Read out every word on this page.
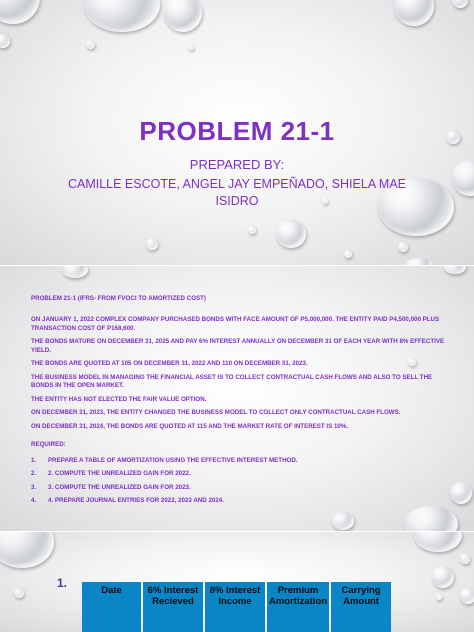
PROBLEM 21-1
PREPARED BY:
CAMILLE ESCOTE, ANGEL JAY EMPEÑADO, SHIELA MAE ISIDRO

PROBLEM 21-1 (IFRS- FROM FVOCI TO AMORTIZED COST)

ON JANUARY 1, 2022 COMPLEX COMPANY PURCHASED BONDS WITH FACE AMOUNT OF P5,000,000. THE ENTITY PAID P4,500,000 PLUS TRANSACTION COST OF P168,600.

THE BONDS MATURE ON DECEMBER 31, 2025 AND PAY 6% INTEREST ANNUALLY ON DECEMBER 31 OF EACH YEAR WITH 8% EFFECTIVE YIELD.

THE BONDS ARE QUOTED AT 105 ON DECEMBER 31, 2022 AND 110 ON DECEMBER 31, 2023.

THE BUSINESS MODEL IN MANAGING THE FINANCIAL ASSET IS TO COLLECT CONTRACTUAL CASH FLOWS AND ALSO TO SELL THE BONDS IN THE OPEN MARKET.

THE ENTITY HAS NOT ELECTED THE FAIR VALUE OPTION.

ON DECEMBER 31, 2023, THE ENTITY CHANGED THE BUSINESS MODEL TO COLLECT ONLY CONTRACTUAL CASH FLOWS.

ON DECEMBER 31, 2024, THE BONDS ARE QUOTED AT 115 AND THE MARKET RATE OF INTEREST IS 10%.

REQUIRED:

1.	PREPARE A TABLE OF AMORTIZATION USING THE EFFECTIVE INTEREST METHOD.
2.	2. COMPUTE THE UNREALIZED GAIN FOR 2022.
3.	3. COMPUTE THE UNREALIZED GAIN FOR 2023.
4.	4. PREPARE JOURNAL ENTRIES FOR 2022, 2023 AND 2024.
1.
Date	6% Interest Recieved	8% Interest Income	Premium Amortization	Carrying Amount
